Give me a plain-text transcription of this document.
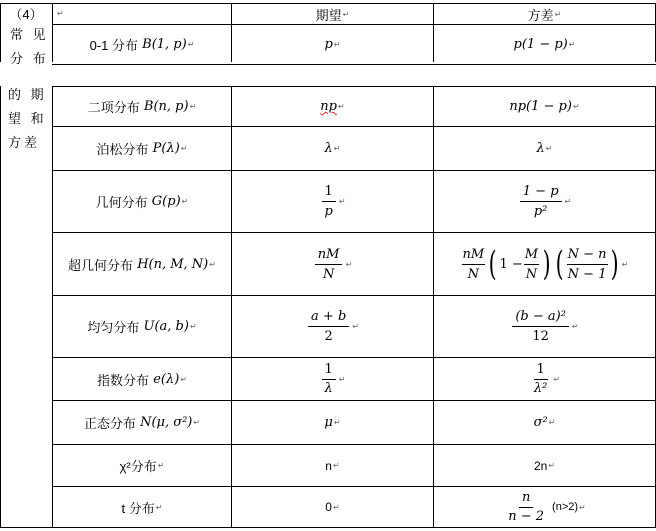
（4）
常 见
分 布
的 期
望 和
方差
↵	期望 ↵	方差 ↵
0-1 分布
B(1, p) ↵	p ↵	p(1 − p) ↵
二项分布
B(n, p) ↵	np ↵	np(1 − p) ↵
泊松分布
P(λ) ↵	λ ↵	λ ↵
几何分布
G(p) ↵	$\frac{1}{p}$ ↵	$\frac{1 - p}{\text{p²}}$ ↵
超几何分布
H(n, M, N) ↵	$\frac{nM}{N}$ ↵	$\frac{nM}{N}$ ( $1 - \frac{M}{N}$ ) ( $\frac{N - n}{N - 1}$ ) ↵
均匀分布
U(a, b) ↵	$\frac{a + b}{2}$ ↵	$\frac{\text{(b − a)²}}{12}$ ↵
指数分布
e(λ) ↵	$\frac{1}{\lambda}$ ↵	$\frac{1}{\text{λ²}}$ ↵
正态分布
N(μ, σ²) ↵	μ ↵	σ² ↵
χ²分布 ↵	n ↵	2n ↵
t 分布 ↵	0 ↵	$\frac{n}{n - 2} (n>2)$ ↵
